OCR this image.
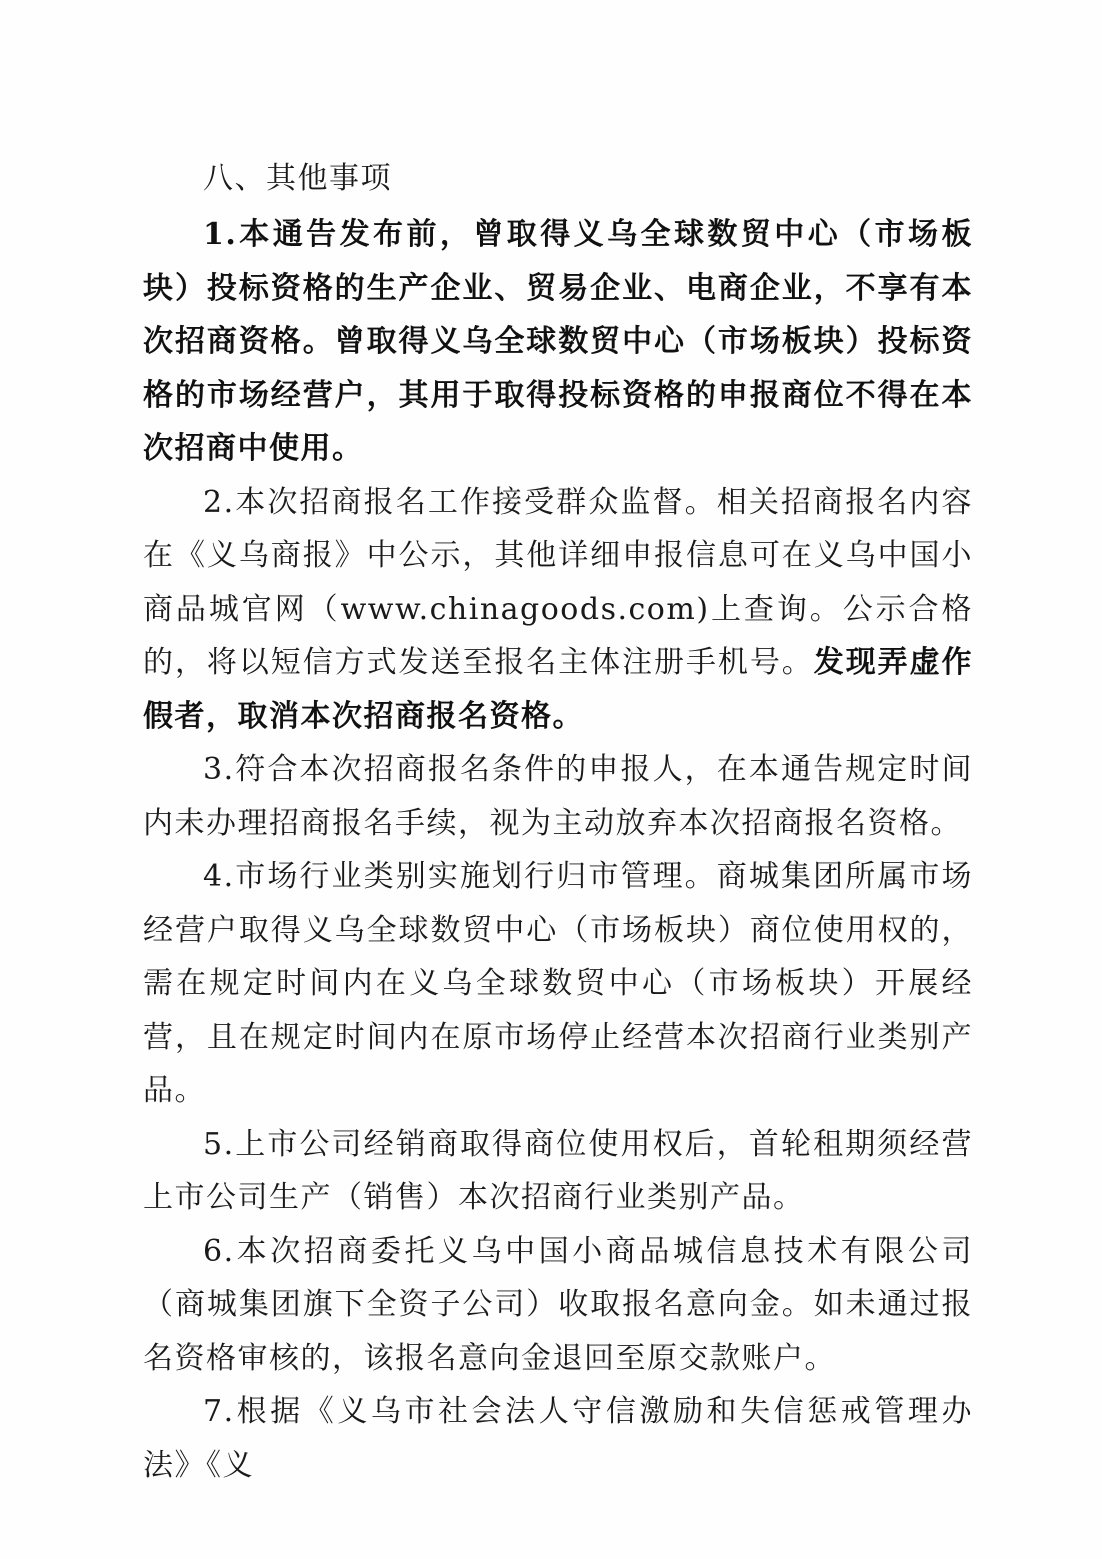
八、其他事项

1.本通告发布前，曾取得义乌全球数贸中心（市场板块）投标资格的生产企业、贸易企业、电商企业，不享有本次招商资格。曾取得义乌全球数贸中心（市场板块）投标资格的市场经营户，其用于取得投标资格的申报商位不得在本次招商中使用。

2.本次招商报名工作接受群众监督。相关招商报名内容在《义乌商报》中公示，其他详细申报信息可在义乌中国小商品城官网（www.chinagoods.com)上查询。公示合格的，将以短信方式发送至报名主体注册手机号。发现弄虚作假者，取消本次招商报名资格。

3.符合本次招商报名条件的申报人，在本通告规定时间内未办理招商报名手续，视为主动放弃本次招商报名资格。

4.市场行业类别实施划行归市管理。商城集团所属市场经营户取得义乌全球数贸中心（市场板块）商位使用权的，需在规定时间内在义乌全球数贸中心（市场板块）开展经营，且在规定时间内在原市场停止经营本次招商行业类别产品。

5.上市公司经销商取得商位使用权后，首轮租期须经营上市公司生产（销售）本次招商行业类别产品。

6.本次招商委托义乌中国小商品城信息技术有限公司（商城集团旗下全资子公司）收取报名意向金。如未通过报名资格审核的，该报名意向金退回至原交款账户。

7.根据《义乌市社会法人守信激励和失信惩戒管理办法》《义
